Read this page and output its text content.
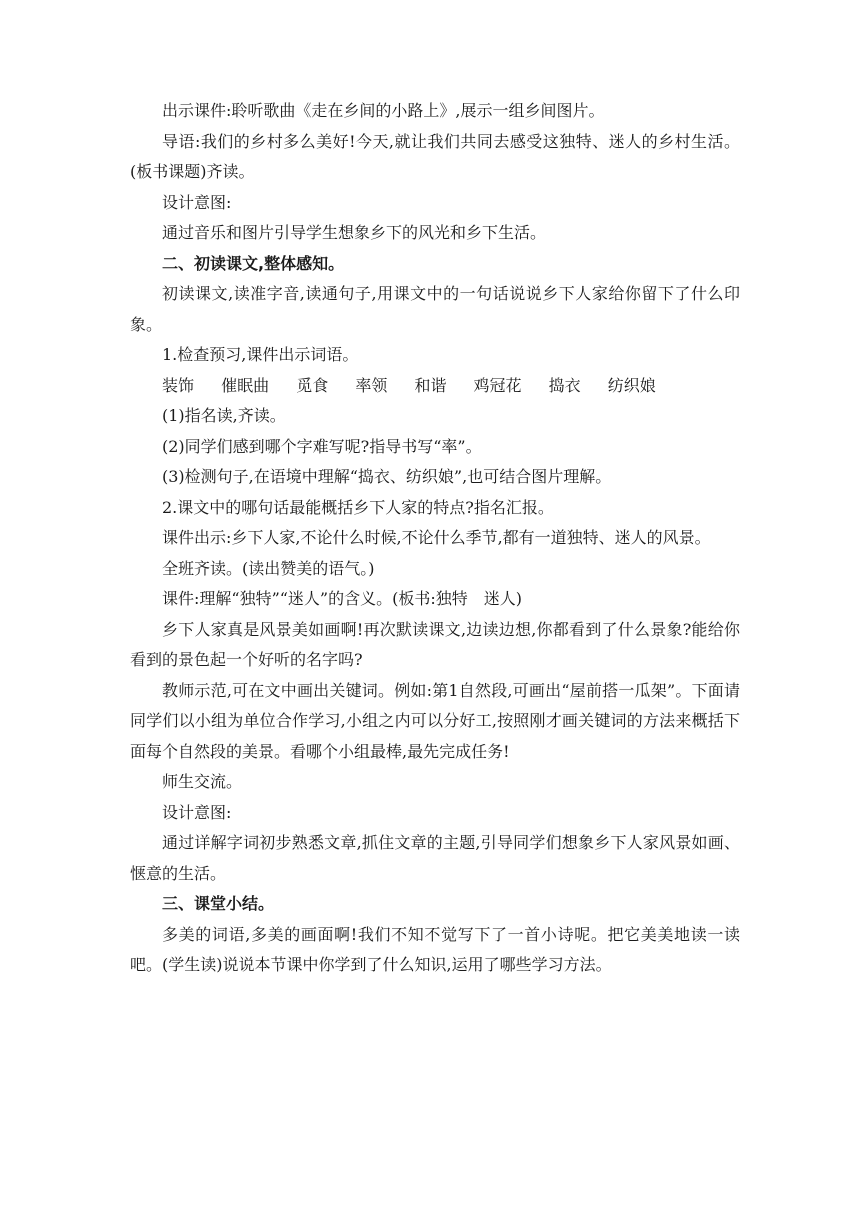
出示课件:聆听歌曲《走在乡间的小路上》,展示一组乡间图片。

导语:我们的乡村多么美好!今天,就让我们共同去感受这独特、迷人的乡村生活。(板书课题)齐读。

设计意图:

通过音乐和图片引导学生想象乡下的风光和乡下生活。

二、初读课文,整体感知。

初读课文,读准字音,读通句子,用课文中的一句话说说乡下人家给你留下了什么印象。

1.检查预习,课件出示词语。

装饰 催眠曲 觅食 率领 和谐 鸡冠花 捣衣 纺织娘

(1)指名读,齐读。

(2)同学们感到哪个字难写呢?指导书写“率”。

(3)检测句子,在语境中理解“捣衣、纺织娘”,也可结合图片理解。

2.课文中的哪句话最能概括乡下人家的特点?指名汇报。

课件出示:乡下人家,不论什么时候,不论什么季节,都有一道独特、迷人的风景。

全班齐读。(读出赞美的语气。)

课件:理解“独特”“迷人”的含义。(板书:独特　迷人)

乡下人家真是风景美如画啊!再次默读课文,边读边想,你都看到了什么景象?能给你看到的景色起一个好听的名字吗?

教师示范,可在文中画出关键词。例如:第1自然段,可画出“屋前搭一瓜架”。下面请同学们以小组为单位合作学习,小组之内可以分好工,按照刚才画关键词的方法来概括下面每个自然段的美景。看哪个小组最棒,最先完成任务!

师生交流。

设计意图:

通过详解字词初步熟悉文章,抓住文章的主题,引导同学们想象乡下人家风景如画、惬意的生活。

三、课堂小结。

多美的词语,多美的画面啊!我们不知不觉写下了一首小诗呢。把它美美地读一读吧。(学生读)说说本节课中你学到了什么知识,运用了哪些学习方法。
